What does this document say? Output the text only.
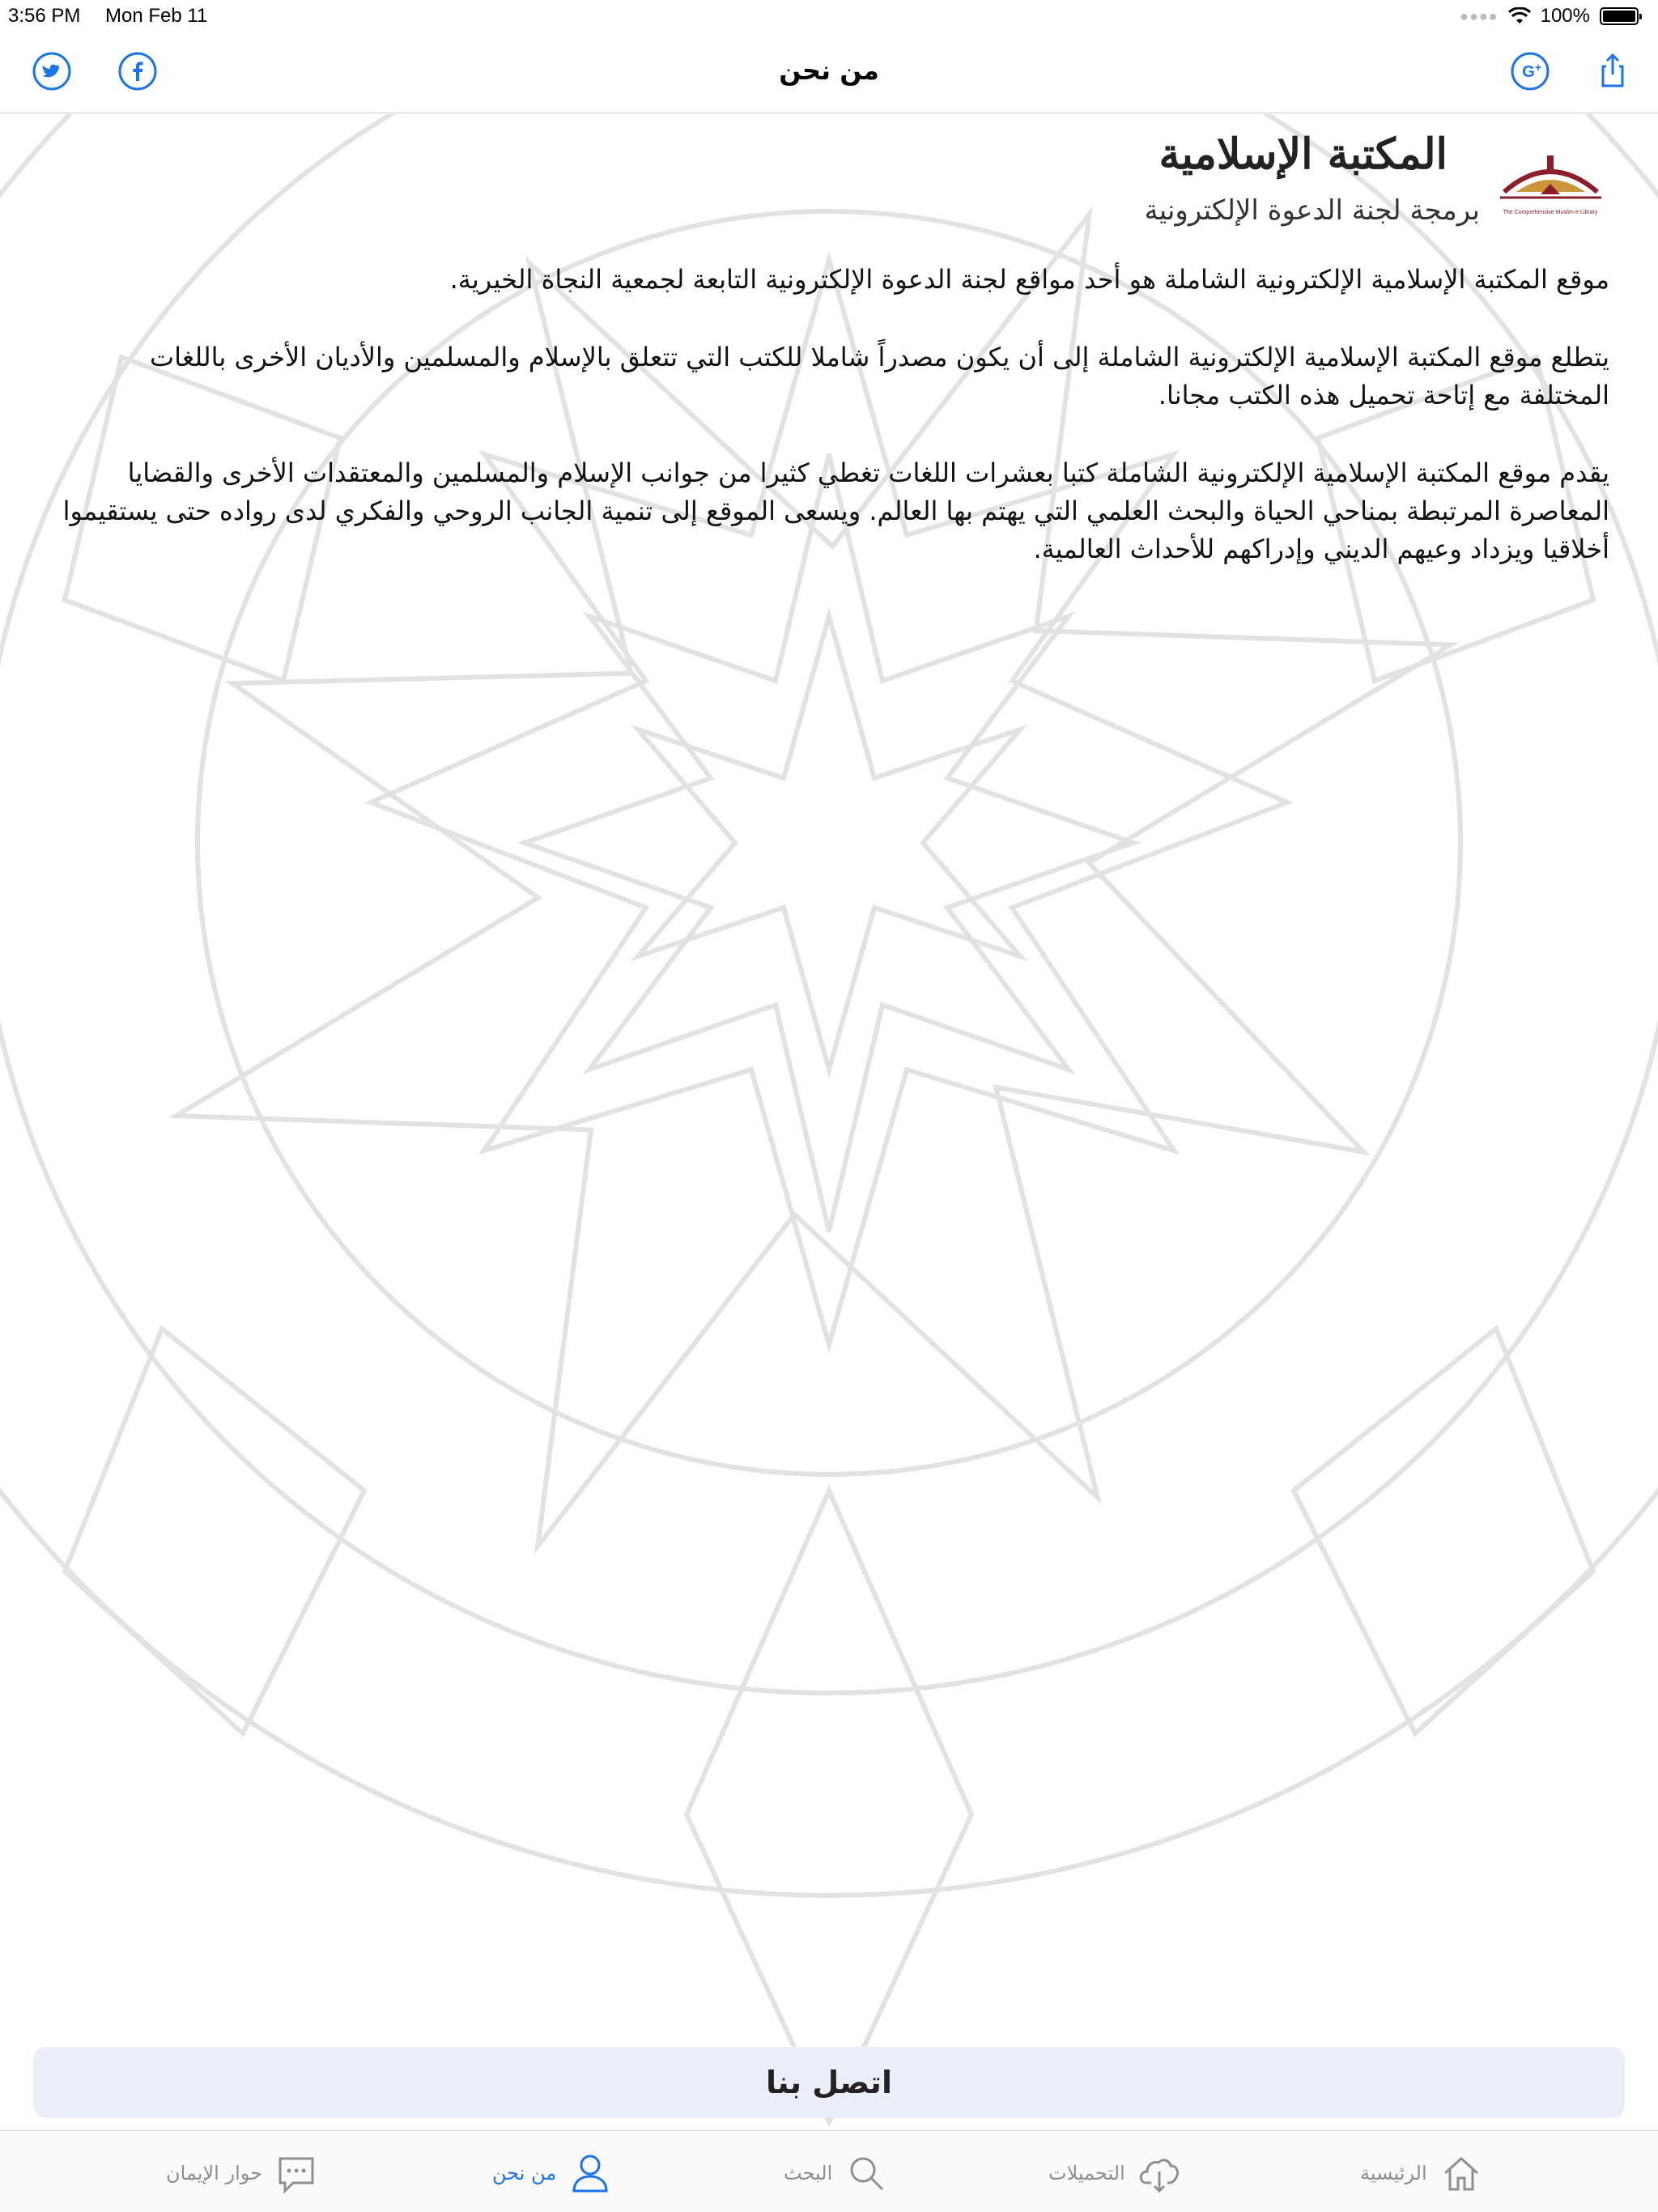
3:56 PM Mon Feb 11	●●●● 100%
من نحن	G +
The Comprehensive Muslim e-Library
المكتبة الإسلامية
برمجة لجنة الدعوة الإلكترونية

موقع المكتبة الإسلامية الإلكترونية الشاملة هو أحد مواقع لجنة الدعوة الإلكترونية التابعة لجمعية النجاة الخيرية.

يتطلع موقع المكتبة الإسلامية الإلكترونية الشاملة إلى أن يكون مصدراً شاملا للكتب التي تتعلق بالإسلام والمسلمين والأديان الأخرى باللغات المختلفة مع إتاحة تحميل هذه الكتب مجانا.

يقدم موقع المكتبة الإسلامية الإلكترونية الشاملة كتبا بعشرات اللغات تغطي كثيرا من جوانب الإسلام والمسلمين والمعتقدات الأخرى والقضايا المعاصرة المرتبطة بمناحي الحياة والبحث العلمي التي يهتم بها العالم. ويسعى الموقع إلى تنمية الجانب الروحي والفكري لدى رواده حتى يستقيموا أخلاقيا ويزداد وعيهم الديني وإدراكهم للأحداث العالمية.

اتصل بنا
الرئيسية
التحميلات
البحث
من نحن
حوار الإيمان
